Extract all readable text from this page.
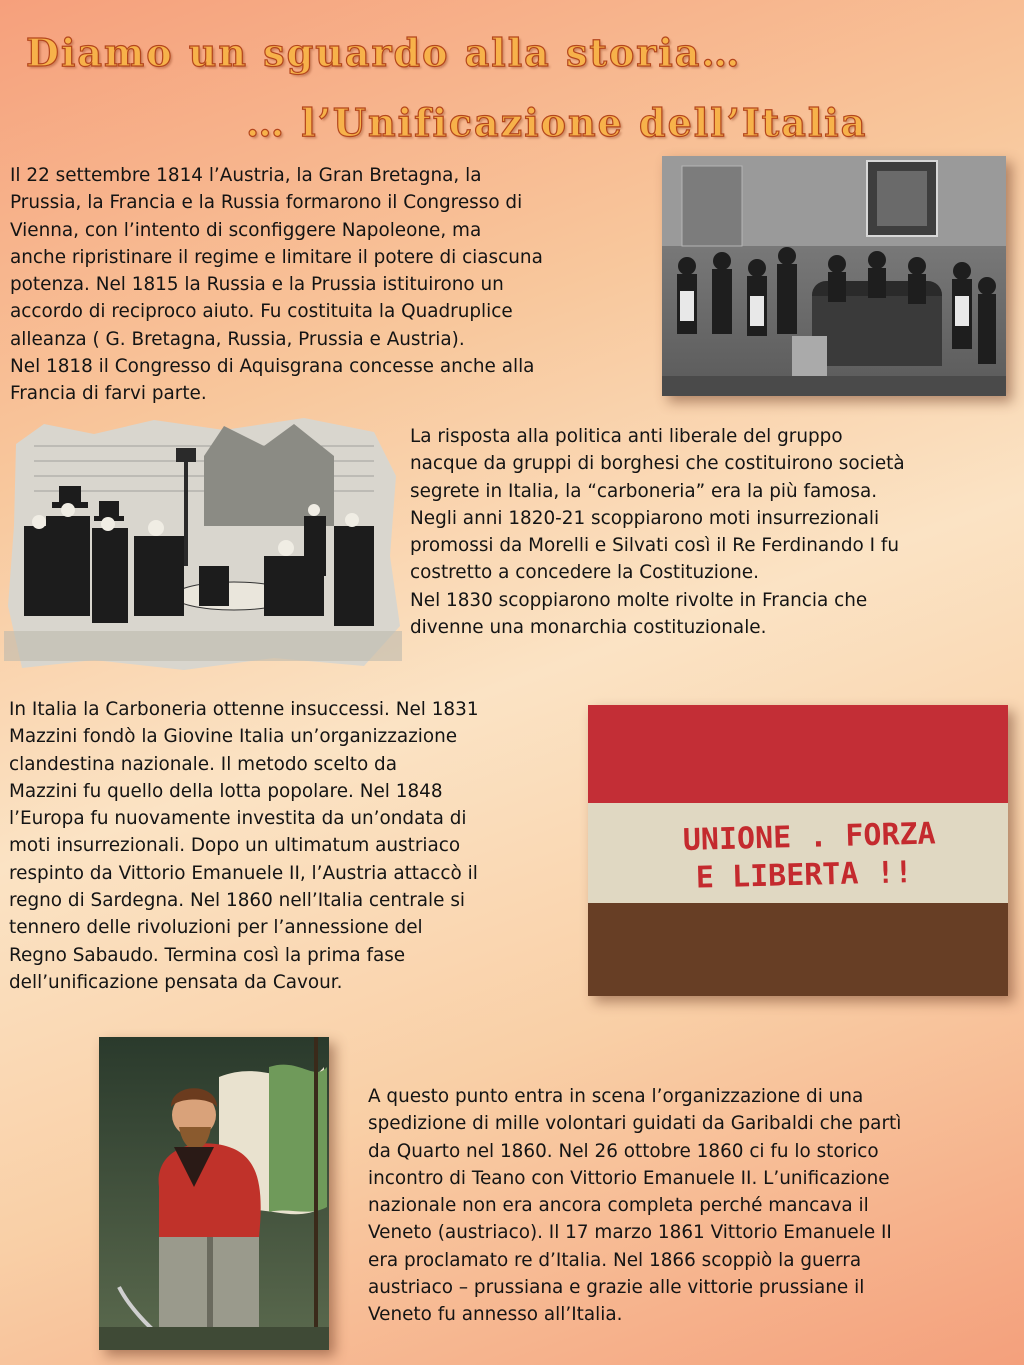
Diamo un sguardo alla storia…
… l’Unificazione dell’Italia
Il 22 settembre 1814 l’Austria, la Gran Bretagna, la
Prussia, la Francia e la Russia formarono il Congresso di
Vienna, con l’intento di sconfiggere Napoleone, ma
anche ripristinare il regime e limitare il potere di ciascuna
potenza. Nel 1815 la Russia e la Prussia istituirono un
accordo di reciproco aiuto. Fu costituita la Quadruplice
alleanza ( G. Bretagna, Russia, Prussia e Austria).
Nel 1818 il Congresso di Aquisgrana concesse anche alla
Francia di farvi parte.
La risposta alla politica anti liberale del gruppo
nacque da gruppi di borghesi che costituirono società
segrete in Italia, la “carboneria” era la più famosa.
Negli anni 1820-21 scoppiarono moti insurrezionali
promossi da Morelli e Silvati così il Re Ferdinando I fu
costretto a concedere la Costituzione.
Nel 1830 scoppiarono molte rivolte in Francia che
divenne una monarchia costituzionale.
In Italia la Carboneria ottenne insuccessi. Nel 1831
Mazzini fondò la Giovine Italia un’organizzazione
clandestina nazionale. Il metodo scelto da
Mazzini fu quello della lotta popolare. Nel 1848
l’Europa fu nuovamente investita da un’ondata di
moti insurrezionali. Dopo un ultimatum austriaco
respinto da Vittorio Emanuele II, l’Austria attaccò il
regno di Sardegna. Nel 1860 nell’Italia centrale si
tennero delle rivoluzioni per l’annessione del
Regno Sabaudo. Termina così la prima fase
dell’unificazione pensata da Cavour.
UNIONE . FORZA
E LIBERTA !!
A questo punto entra in scena l’organizzazione di una
spedizione di mille volontari guidati da Garibaldi che partì
da Quarto nel 1860. Nel 26 ottobre 1860 ci fu lo storico
incontro di Teano con Vittorio Emanuele II. L’unificazione
nazionale non era ancora completa perché mancava il
Veneto (austriaco). Il 17 marzo 1861 Vittorio Emanuele II
era proclamato re d’Italia. Nel 1866 scoppiò la guerra
austriaco – prussiana e grazie alle vittorie prussiane il
Veneto fu annesso all’Italia.
